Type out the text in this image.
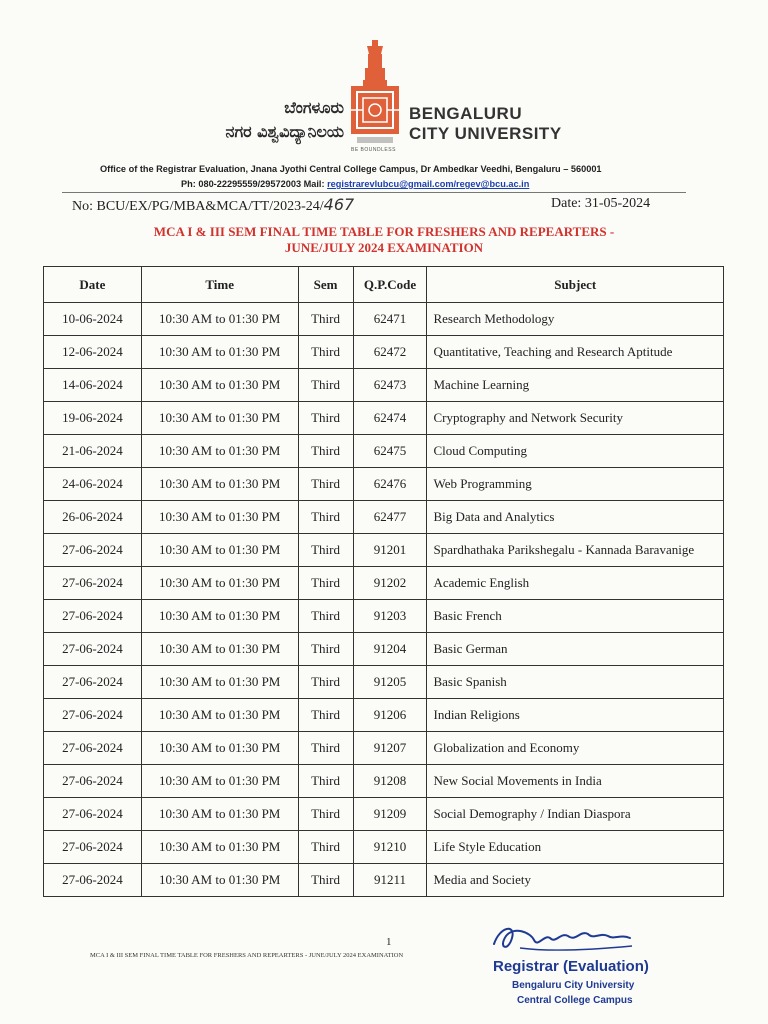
BE BOUNDLESS
ಬೆಂಗಳೂರು
ನಗರ ವಿಶ್ವವಿದ್ಯಾನಿಲಯ
BENGALURU
CITY UNIVERSITY
Office of the Registrar Evaluation, Jnana Jyothi Central College Campus, Dr Ambedkar Veedhi, Bengaluru – 560001
Ph: 080-22295559/29572003 Mail: registrarevlubcu@gmail.com/regev@bcu.ac.in
No: BCU/EX/PG/MBA&MCA/TT/2023-24/467	Date: 31-05-2024
MCA I & III SEM FINAL TIME TABLE FOR FRESHERS AND REPEARTERS -
JUNE/JULY 2024 EXAMINATION
Date	Time	Sem	Q.P.Code	Subject
10-06-2024	10:30 AM to 01:30 PM	Third	62471	Research Methodology
12-06-2024	10:30 AM to 01:30 PM	Third	62472	Quantitative, Teaching and Research Aptitude
14-06-2024	10:30 AM to 01:30 PM	Third	62473	Machine Learning
19-06-2024	10:30 AM to 01:30 PM	Third	62474	Cryptography and Network Security
21-06-2024	10:30 AM to 01:30 PM	Third	62475	Cloud Computing
24-06-2024	10:30 AM to 01:30 PM	Third	62476	Web Programming
26-06-2024	10:30 AM to 01:30 PM	Third	62477	Big Data and Analytics
27-06-2024	10:30 AM to 01:30 PM	Third	91201	Spardhathaka Parikshegalu - Kannada Baravanige
27-06-2024	10:30 AM to 01:30 PM	Third	91202	Academic English
27-06-2024	10:30 AM to 01:30 PM	Third	91203	Basic French
27-06-2024	10:30 AM to 01:30 PM	Third	91204	Basic German
27-06-2024	10:30 AM to 01:30 PM	Third	91205	Basic Spanish
27-06-2024	10:30 AM to 01:30 PM	Third	91206	Indian Religions
27-06-2024	10:30 AM to 01:30 PM	Third	91207	Globalization and Economy
27-06-2024	10:30 AM to 01:30 PM	Third	91208	New Social Movements in India
27-06-2024	10:30 AM to 01:30 PM	Third	91209	Social Demography / Indian Diaspora
27-06-2024	10:30 AM to 01:30 PM	Third	91210	Life Style Education
27-06-2024	10:30 AM to 01:30 PM	Third	91211	Media and Society
1
MCA I & III SEM FINAL TIME TABLE FOR FRESHERS AND REPEARTERS - JUNE/JULY 2024 EXAMINATION
Registrar (Evaluation)
Bengaluru City University
Central College Campus
